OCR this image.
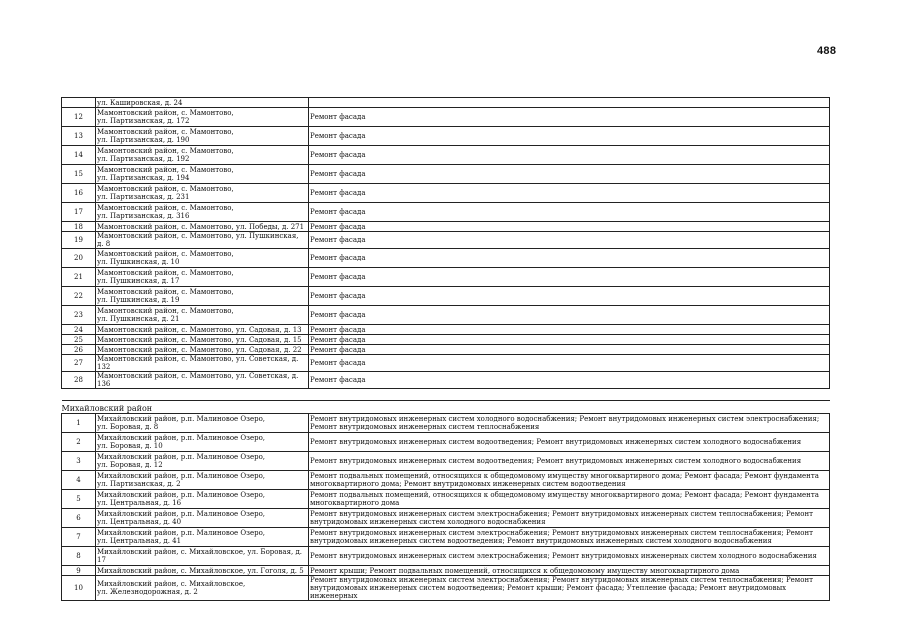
488
	ул. Кашировская, д. 24	
12	Мамонтовский район, с. Мамонтово,
ул. Партизанская, д. 172	Ремонт фасада
13	Мамонтовский район, с. Мамонтово,
ул. Партизанская, д. 190	Ремонт фасада
14	Мамонтовский район, с. Мамонтово,
ул. Партизанская, д. 192	Ремонт фасада
15	Мамонтовский район, с. Мамонтово,
ул. Партизанская, д. 194	Ремонт фасада
16	Мамонтовский район, с. Мамонтово,
ул. Партизанская, д. 231	Ремонт фасада
17	Мамонтовский район, с. Мамонтово,
ул. Партизанская, д. 316	Ремонт фасада
18	Мамонтовский район, с. Мамонтово, ул. Победы, д. 271	Ремонт фасада
19	Мамонтовский район, с. Мамонтово, ул. Пушкинская, д. 8	Ремонт фасада
20	Мамонтовский район, с. Мамонтово,
ул. Пушкинская, д. 10	Ремонт фасада
21	Мамонтовский район, с. Мамонтово,
ул. Пушкинская, д. 17	Ремонт фасада
22	Мамонтовский район, с. Мамонтово,
ул. Пушкинская, д. 19	Ремонт фасада
23	Мамонтовский район, с. Мамонтово,
ул. Пушкинская, д. 21	Ремонт фасада
24	Мамонтовский район, с. Мамонтово, ул. Садовая, д. 13	Ремонт фасада
25	Мамонтовский район, с. Мамонтово, ул. Садовая, д. 15	Ремонт фасада
26	Мамонтовский район, с. Мамонтово, ул. Садовая, д. 22	Ремонт фасада
27	Мамонтовский район, с. Мамонтово, ул. Советская, д. 132	Ремонт фасада
28	Мамонтовский район, с. Мамонтово, ул. Советская, д. 136	Ремонт фасада

Михайловский район		
1	Михайловский район, р.п. Малиновое Озеро,
ул. Боровая, д. 8	Ремонт внутридомовых инженерных систем холодного водоснабжения; Ремонт внутридомовых инженерных систем электроснабжения; Ремонт внутридомовых инженерных систем теплоснабжения
2	Михайловский район, р.п. Малиновое Озеро,
ул. Боровая, д. 10	Ремонт внутридомовых инженерных систем водоотведения; Ремонт внутридомовых инженерных систем холодного водоснабжения
3	Михайловский район, р.п. Малиновое Озеро,
ул. Боровая, д. 12	Ремонт внутридомовых инженерных систем водоотведения; Ремонт внутридомовых инженерных систем холодного водоснабжения
4	Михайловский район, р.п. Малиновое Озеро,
ул. Партизанская, д. 2	Ремонт подвальных помещений, относящихся к общедомовому имуществу многоквартирного дома; Ремонт фасада; Ремонт фундамента многоквартирного дома; Ремонт внутридомовых инженерных систем водоотведения
5	Михайловский район, р.п. Малиновое Озеро,
ул. Центральная, д. 16	Ремонт подвальных помещений, относящихся к общедомовому имуществу многоквартирного дома; Ремонт фасада; Ремонт фундамента многоквартирного дома
6	Михайловский район, р.п. Малиновое Озеро,
ул. Центральная, д. 40	Ремонт внутридомовых инженерных систем электроснабжения; Ремонт внутридомовых инженерных систем теплоснабжения; Ремонт внутридомовых инженерных систем холодного водоснабжения
7	Михайловский район, р.п. Малиновое Озеро,
ул. Центральная, д. 41	Ремонт внутридомовых инженерных систем электроснабжения; Ремонт внутридомовых инженерных систем теплоснабжения; Ремонт внутридомовых инженерных систем водоотведения; Ремонт внутридомовых инженерных систем холодного водоснабжения
8	Михайловский район, с. Михайловское, ул. Боровая, д. 17	Ремонт внутридомовых инженерных систем электроснабжения; Ремонт внутридомовых инженерных систем холодного водоснабжения
9	Михайловский район, с. Михайловское, ул. Гоголя, д. 5	Ремонт крыши; Ремонт подвальных помещений, относящихся к общедомовому имуществу многоквартирного дома
10	Михайловский район, с. Михайловское,
ул. Железнодорожная, д. 2	Ремонт внутридомовых инженерных систем электроснабжения; Ремонт внутридомовых инженерных систем теплоснабжения; Ремонт внутридомовых инженерных систем водоотведения; Ремонт крыши; Ремонт фасада; Утепление фасада; Ремонт внутридомовых инженерных
